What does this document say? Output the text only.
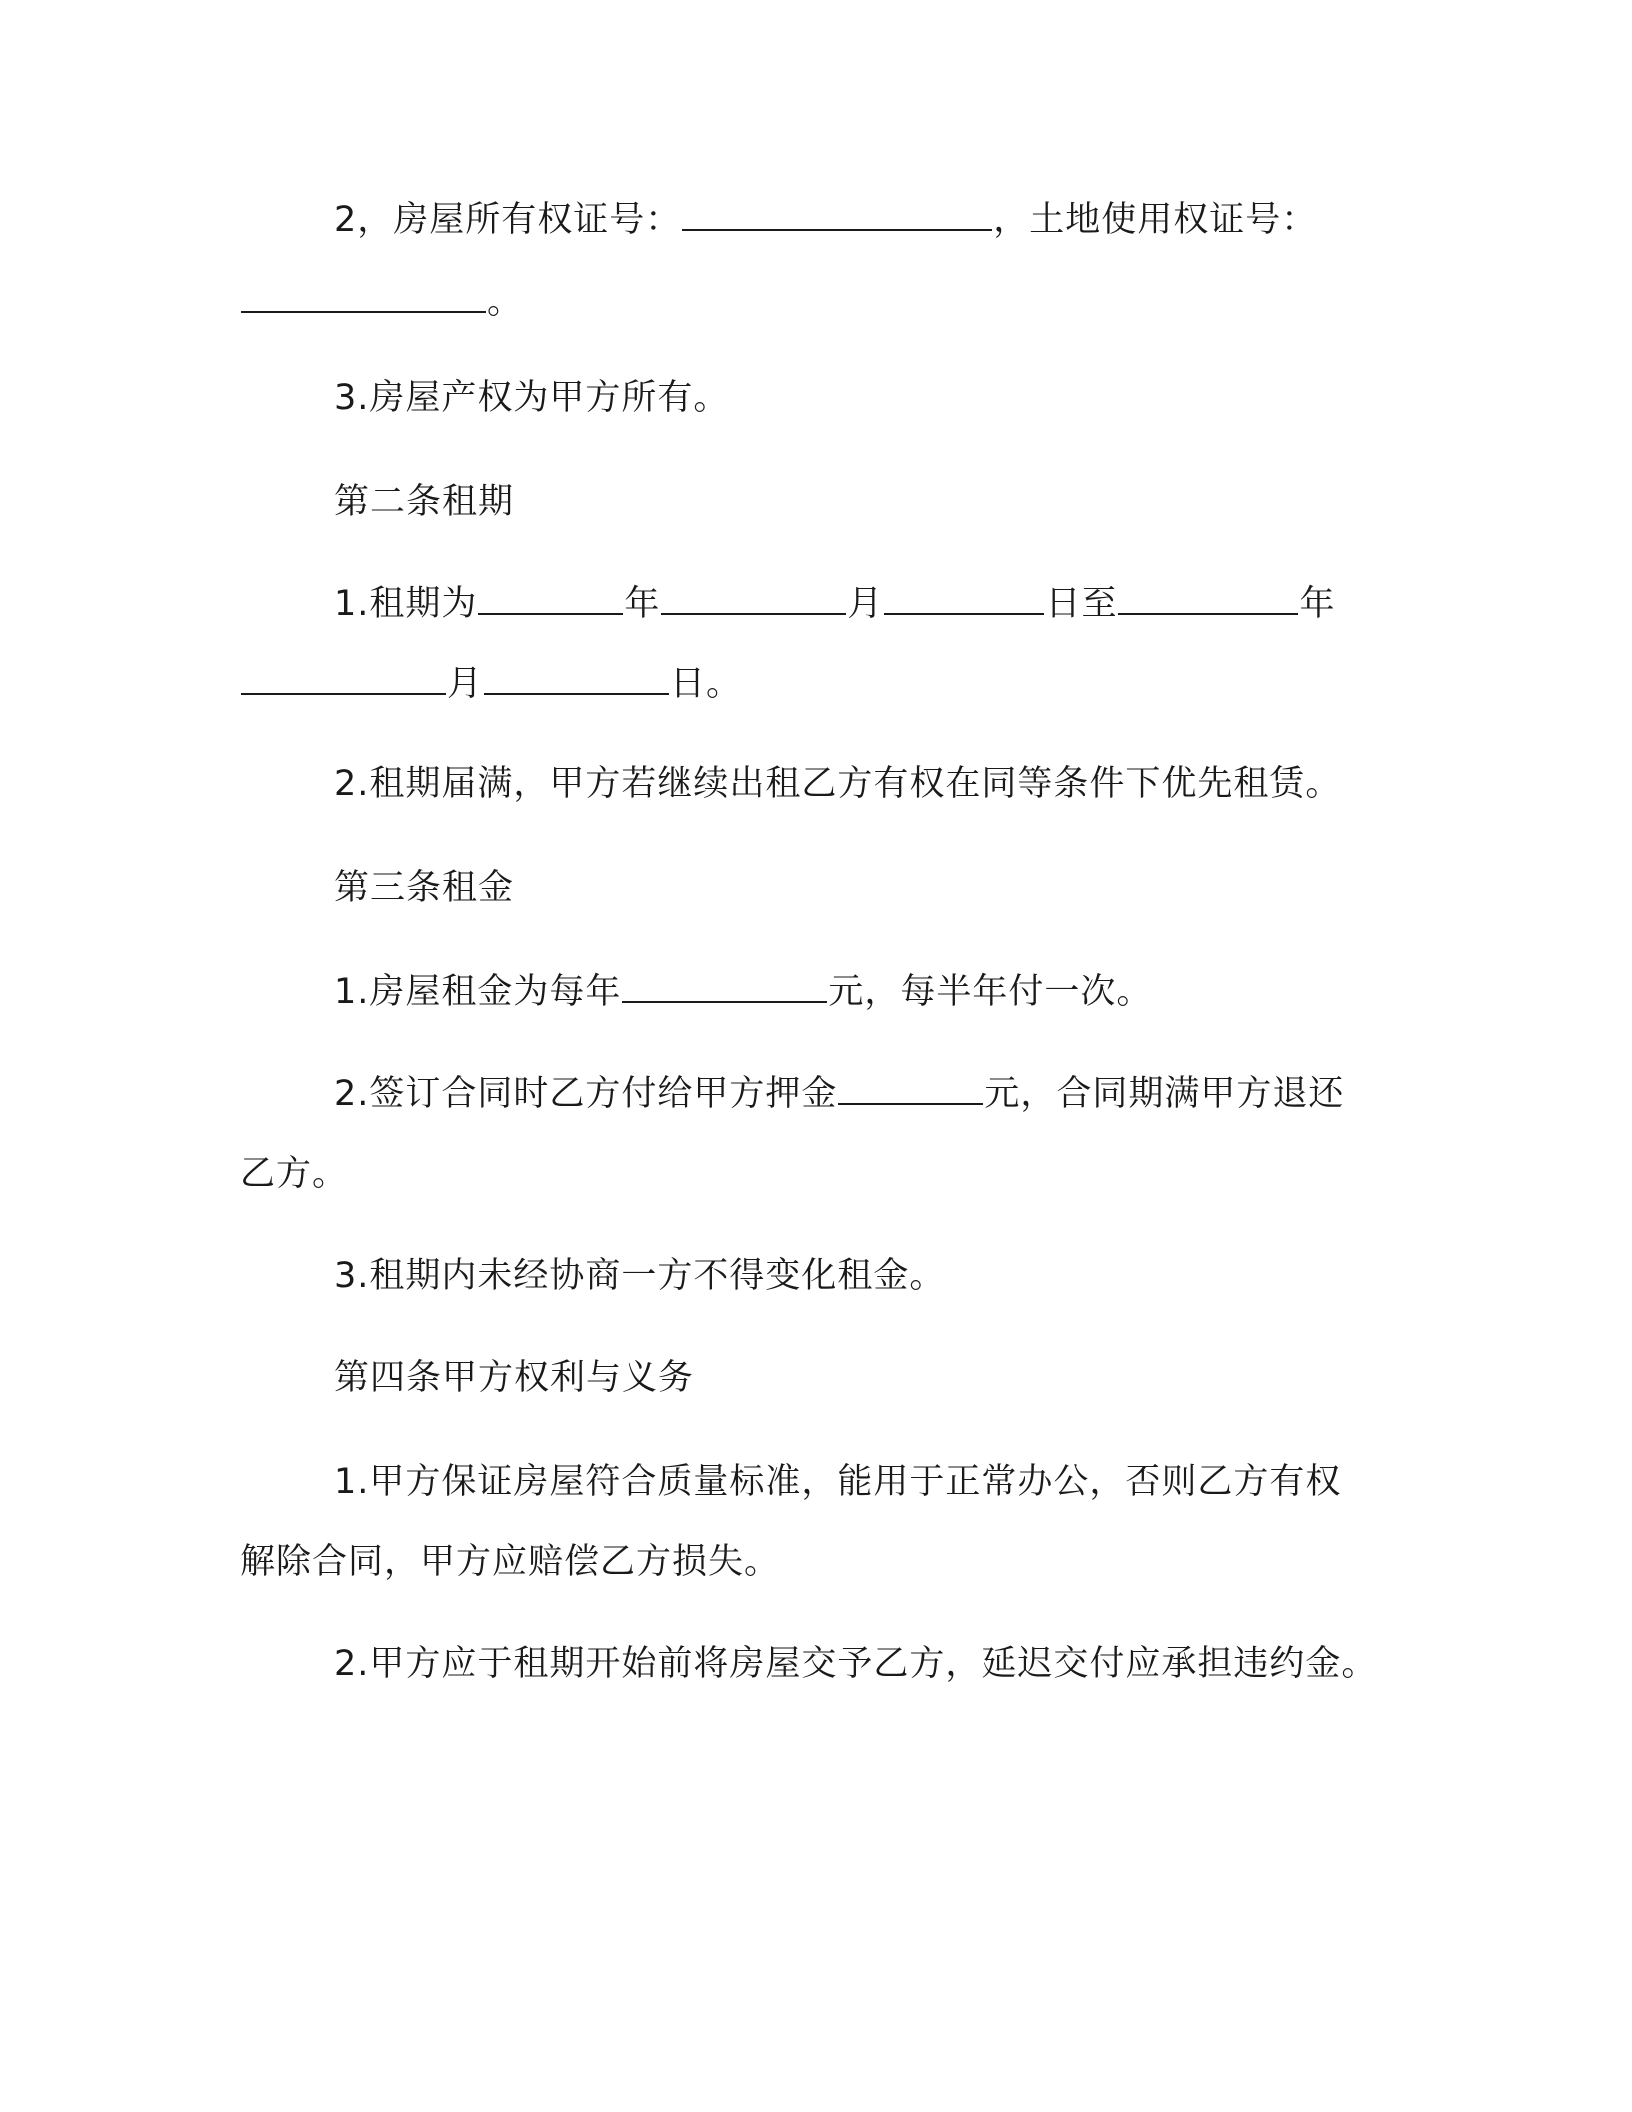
2，房屋所有权证号：	，土地使用权证号：
。
3.房屋产权为甲方所有。
第二条租期
1.租期为	年	月	日至	年
月	日。
2.租期届满，甲方若继续出租乙方有权在同等条件下优先租赁。
第三条租金
1.房屋租金为每年	元，每半年付一次。
2.签订合同时乙方付给甲方押金	元，合同期满甲方退还
乙方。
3.租期内未经协商一方不得变化租金。
第四条甲方权利与义务
1.甲方保证房屋符合质量标准，能用于正常办公，否则乙方有权
解除合同，甲方应赔偿乙方损失。
2.甲方应于租期开始前将房屋交予乙方，延迟交付应承担违约金。
